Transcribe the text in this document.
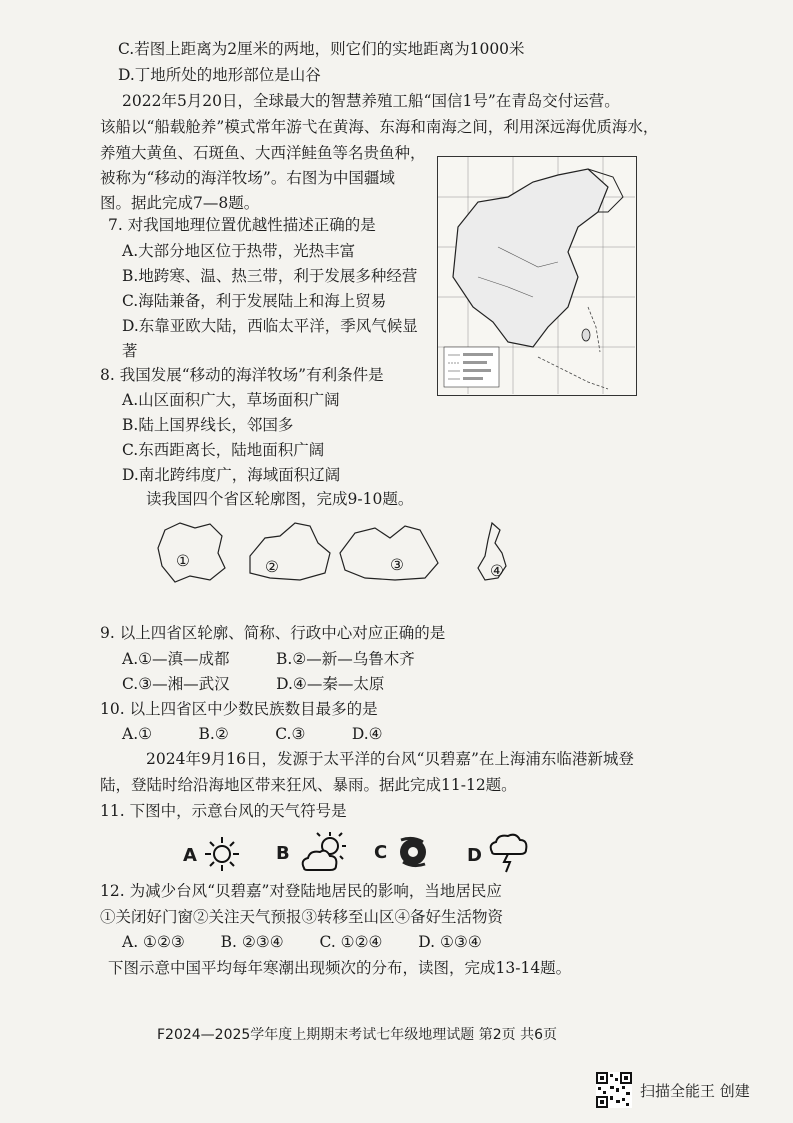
C.若图上距离为2厘米的两地，则它们的实地距离为1000米
D.丁地所处的地形部位是山谷
2022年5月20日，全球最大的智慧养殖工船“国信1号”在青岛交付运营。
该船以“船载舱养”模式常年游弋在黄海、东海和南海之间，利用深远海优质海水，
养殖大黄鱼、石斑鱼、大西洋鲑鱼等名贵鱼种，
被称为“移动的海洋牧场”。右图为中国疆域
图。据此完成7—8题。
7. 对我国地理位置优越性描述正确的是
A.大部分地区位于热带，光热丰富
B.地跨寒、温、热三带，利于发展多种经营
C.海陆兼备，利于发展陆上和海上贸易
D.东靠亚欧大陆，西临太平洋，季风气候显
著
8. 我国发展“移动的海洋牧场”有利条件是
A.山区面积广大，草场面积广阔
B.陆上国界线长，邻国多
C.东西距离长，陆地面积广阔
D.南北跨纬度广，海域面积辽阔
读我国四个省区轮廓图，完成9-10题。
9. 以上四省区轮廓、简称、行政中心对应正确的是
A.①—滇—成都　　　B.②—新—乌鲁木齐
C.③—湘—武汉　　　D.④—秦—太原
10. 以上四省区中少数民族数目最多的是
A.①　　　B.②　　　C.③　　　D.④
2024年9月16日，发源于太平洋的台风“贝碧嘉”在上海浦东临港新城登
陆，登陆时给沿海地区带来狂风、暴雨。据此完成11-12题。
11. 下图中，示意台风的天气符号是
12. 为减少台风“贝碧嘉”对登陆地居民的影响，当地居民应
①关闭好门窗②关注天气预报③转移至山区④备好生活物资
A. ①②③　　 B. ②③④　　 C. ①②④　　 D. ①③④
下图示意中国平均每年寒潮出现频次的分布，读图，完成13-14题。
①	②	③	④
A	B	C	D
F2024—2025学年度上期期末考试七年级地理试题 第2页 共6页
扫描全能王 创建
